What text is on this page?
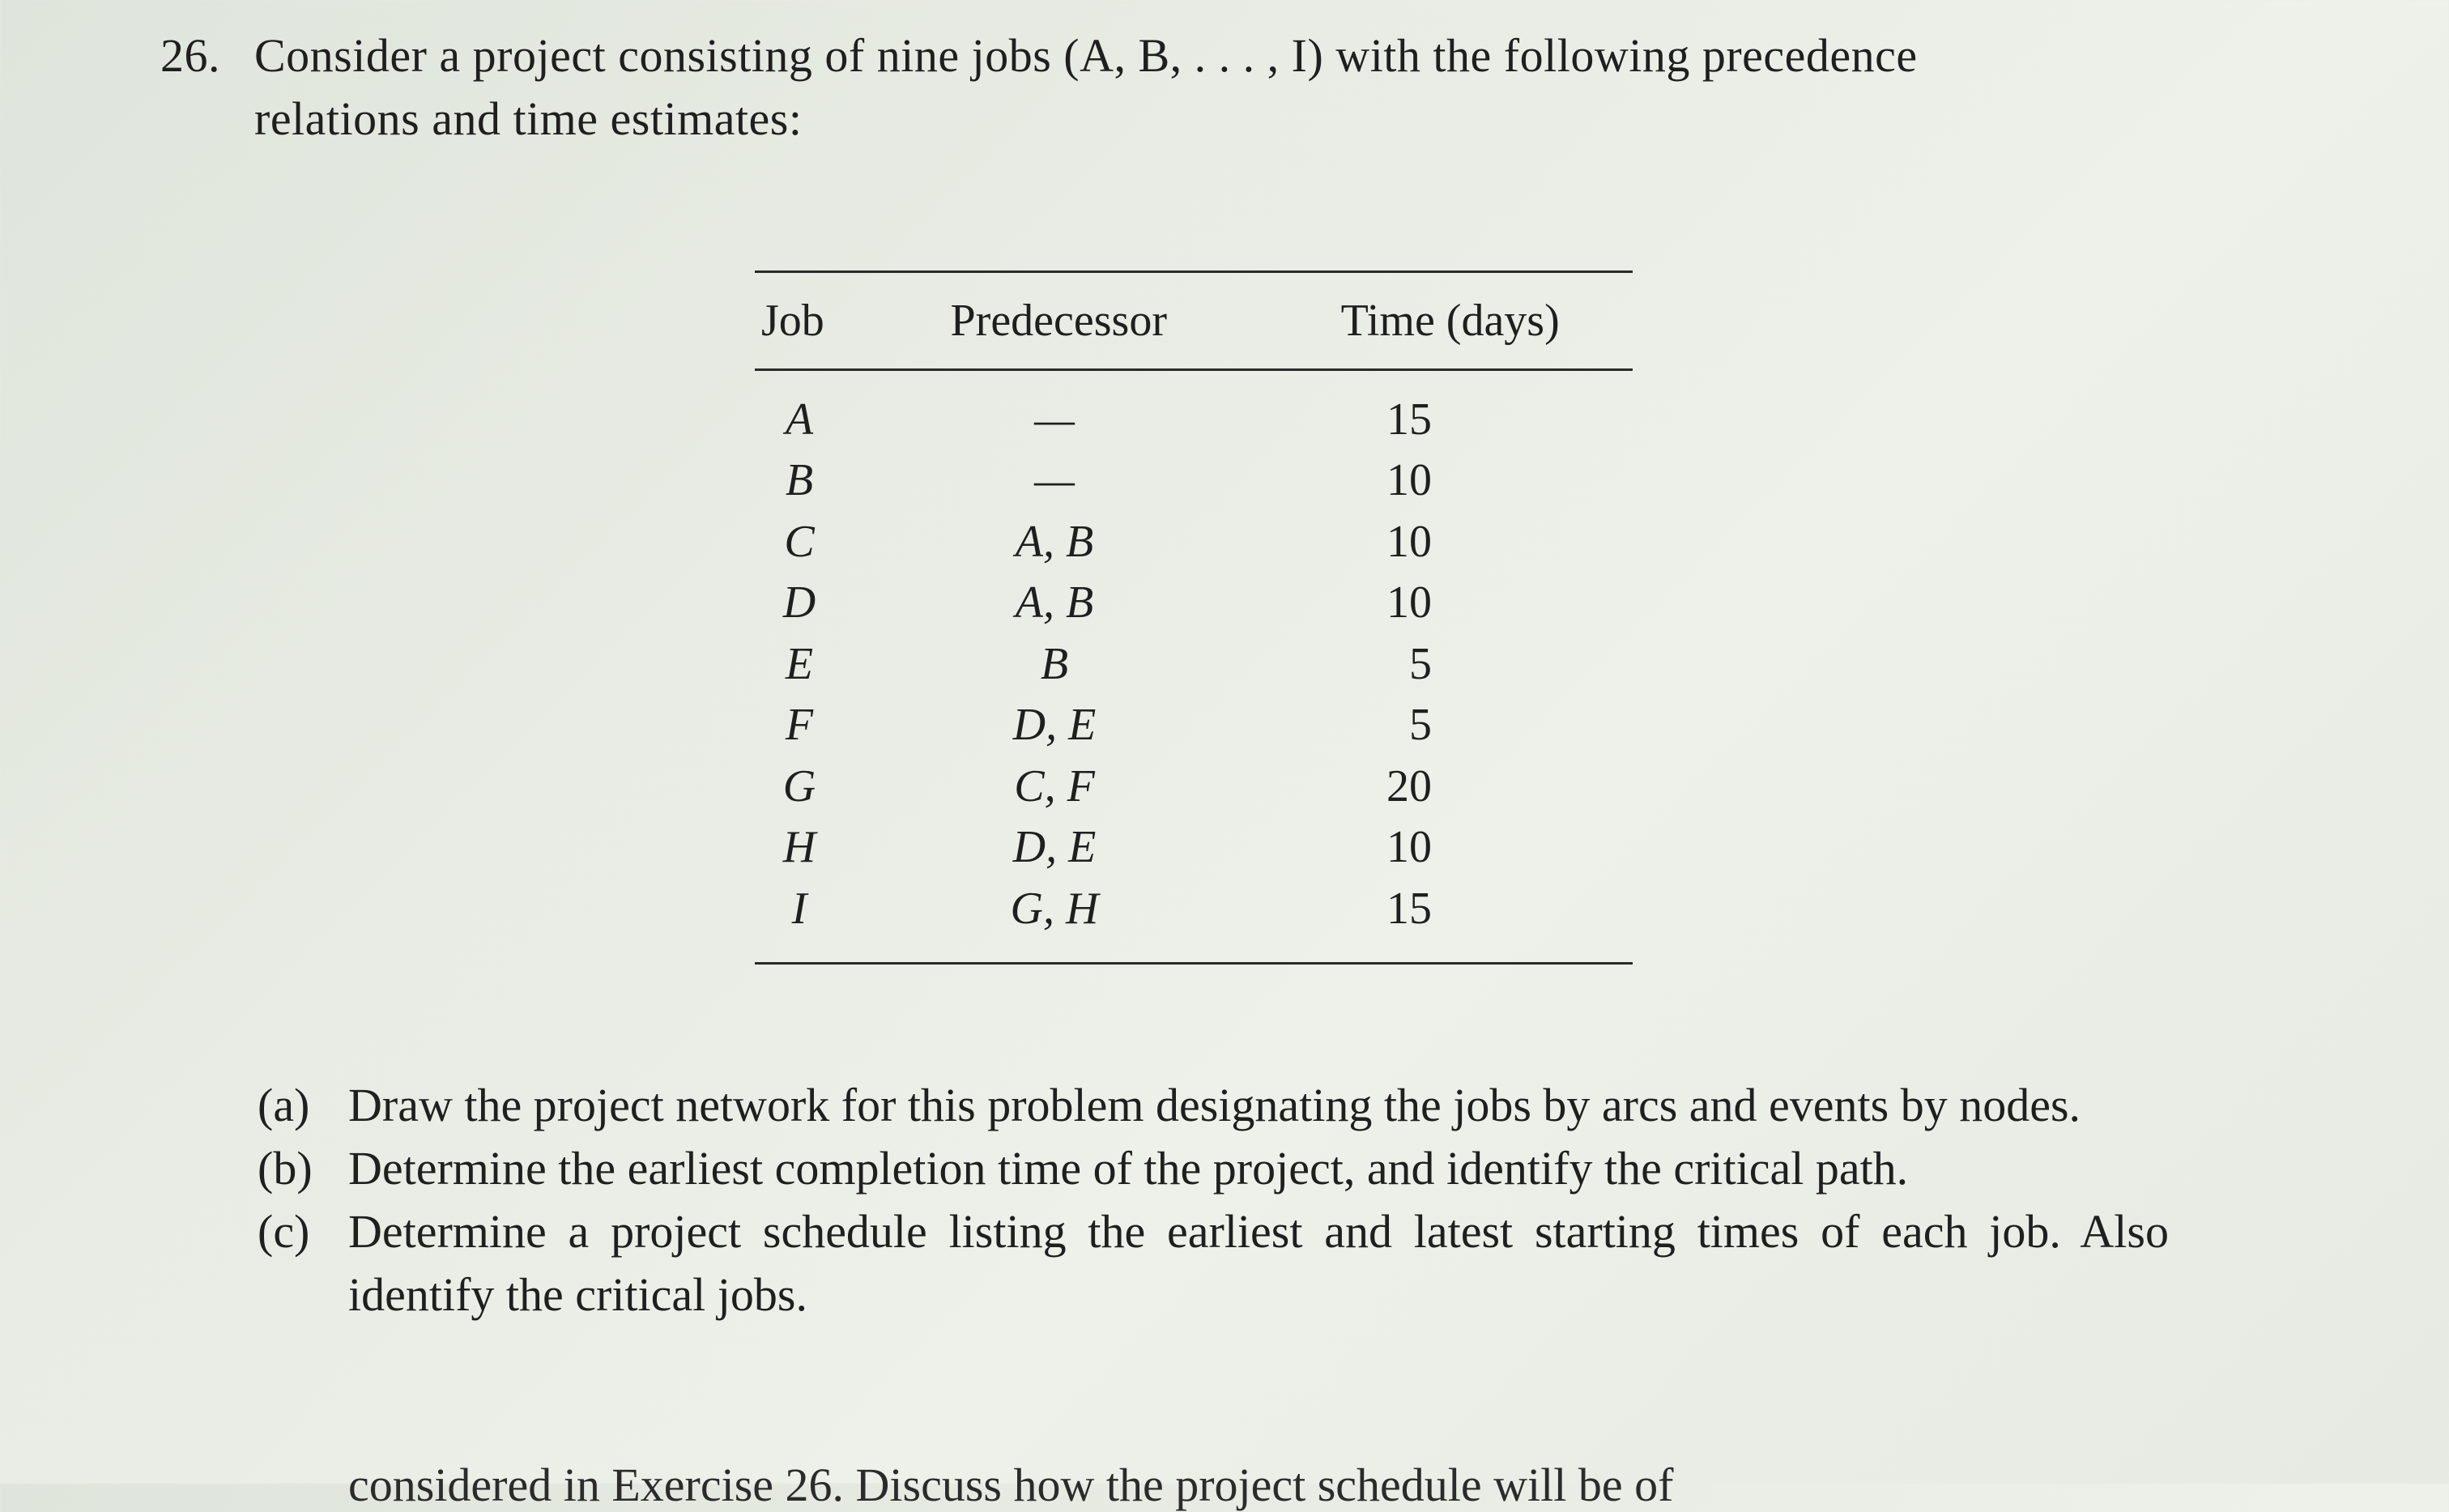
26. Consider a project consisting of nine jobs (A, B, . . . , I) with the following precedence
relations and time estimates:
Job	Predecessor	Time (days)
A	—	15
B	—	10
C	A, B	10
D	A, B	10
E	B	5
F	D, E	5
G	C, F	20
H	D, E	10
I	G, H	15
(a) Draw the project network for this problem designating the jobs by arcs and events by nodes.
(b) Determine the earliest completion time of the project, and identify the critical path.
(c) Determine a project schedule listing the earliest and latest starting times of each job. Also identify the critical jobs.
considered in Exercise 26. Discuss how the project schedule will be of
